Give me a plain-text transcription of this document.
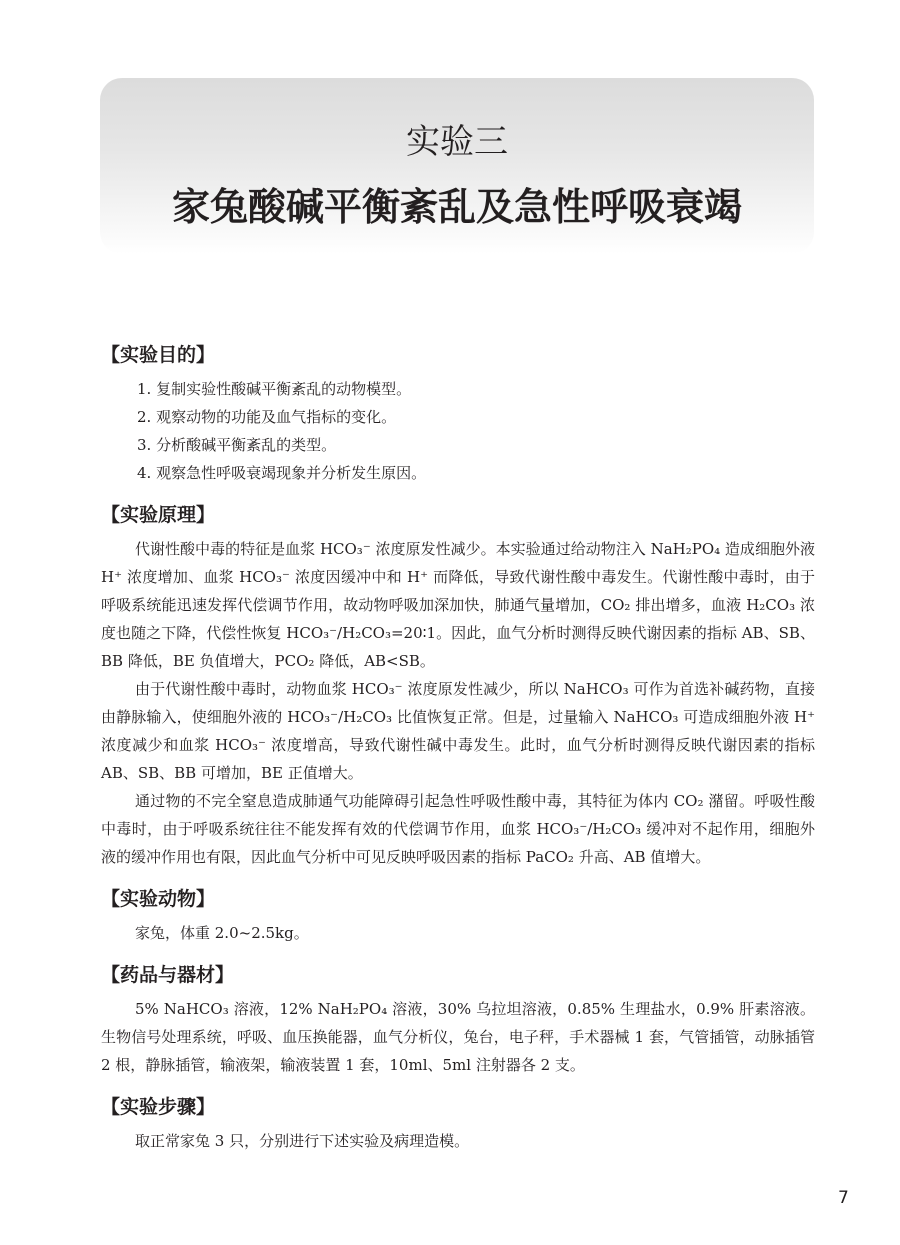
实验三
家兔酸碱平衡紊乱及急性呼吸衰竭
【实验目的】
1. 复制实验性酸碱平衡紊乱的动物模型。
2. 观察动物的功能及血气指标的变化。
3. 分析酸碱平衡紊乱的类型。
4. 观察急性呼吸衰竭现象并分析发生原因。
【实验原理】

代谢性酸中毒的特征是血浆 HCO₃⁻ 浓度原发性减少。本实验通过给动物注入 NaH₂PO₄ 造成细胞外液 H⁺ 浓度增加、血浆 HCO₃⁻ 浓度因缓冲中和 H⁺ 而降低，导致代谢性酸中毒发生。代谢性酸中毒时，由于呼吸系统能迅速发挥代偿调节作用，故动物呼吸加深加快，肺通气量增加，CO₂ 排出增多，血液 H₂CO₃ 浓度也随之下降，代偿性恢复 HCO₃⁻/H₂CO₃=20∶1。因此，血气分析时测得反映代谢因素的指标 AB、SB、BB 降低，BE 负值增大，PCO₂ 降低，AB<SB。

由于代谢性酸中毒时，动物血浆 HCO₃⁻ 浓度原发性减少，所以 NaHCO₃ 可作为首选补碱药物，直接由静脉输入，使细胞外液的 HCO₃⁻/H₂CO₃ 比值恢复正常。但是，过量输入 NaHCO₃ 可造成细胞外液 H⁺ 浓度减少和血浆 HCO₃⁻ 浓度增高，导致代谢性碱中毒发生。此时，血气分析时测得反映代谢因素的指标 AB、SB、BB 可增加，BE 正值增大。

通过物的不完全窒息造成肺通气功能障碍引起急性呼吸性酸中毒，其特征为体内 CO₂ 潴留。呼吸性酸中毒时，由于呼吸系统往往不能发挥有效的代偿调节作用，血浆 HCO₃⁻/H₂CO₃ 缓冲对不起作用，细胞外液的缓冲作用也有限，因此血气分析中可见反映呼吸因素的指标 PaCO₂ 升高、AB 值增大。

【实验动物】

家兔，体重 2.0~2.5kg。

【药品与器材】

5% NaHCO₃ 溶液，12% NaH₂PO₄ 溶液，30% 乌拉坦溶液，0.85% 生理盐水，0.9% 肝素溶液。生物信号处理系统，呼吸、血压换能器，血气分析仪，兔台，电子秤，手术器械 1 套，气管插管，动脉插管 2 根，静脉插管，输液架，输液装置 1 套，10ml、5ml 注射器各 2 支。

【实验步骤】

取正常家兔 3 只，分别进行下述实验及病理造模。

7
